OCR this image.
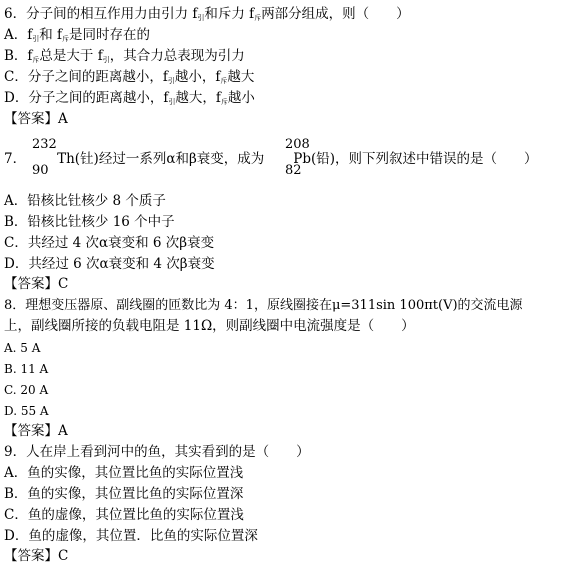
6．分子间的相互作用力由引力 $f_引$和斥力 $f_斥$两部分组成，则（　　）
A．$f_引$和 $f_斥$是同时存在的
B．$f_斥$总是大于 $f_引$，其合力总表现为引力
C．分子之间的距离越小，$f_引$越小，$f_斥$越大
D．分子之间的距离越小，$f_引$越大，$f_斥$越小
【答案】A
232
90
7． Th(钍)经过一系列α和β衰变，成为 Pb(铅)，则下列叙述中错误的是（　　）
208
82
A．铅核比钍核少 8 个质子
B．铅核比钍核少 16 个中子
C．共经过 4 次α衰变和 6 次β衰变
D．共经过 6 次α衰变和 4 次β衰变
【答案】C
8．理想变压器原、副线圈的匝数比为 4：1，原线圈接在μ=311sin 100πt(V)的交流电源
上，副线圈所接的负载电阻是 11Ω，则副线圈中电流强度是（　　）
A. 5 A
B. 11 A
C. 20 A
D. 55 A
【答案】A
9．人在岸上看到河中的鱼，其实看到的是（　　）
A．鱼的实像，其位置比鱼的实际位置浅
B．鱼的实像，其位置比鱼的实际位置深
C．鱼的虚像，其位置比鱼的实际位置浅
D．鱼的虚像，其位置．比鱼的实际位置深
【答案】C
